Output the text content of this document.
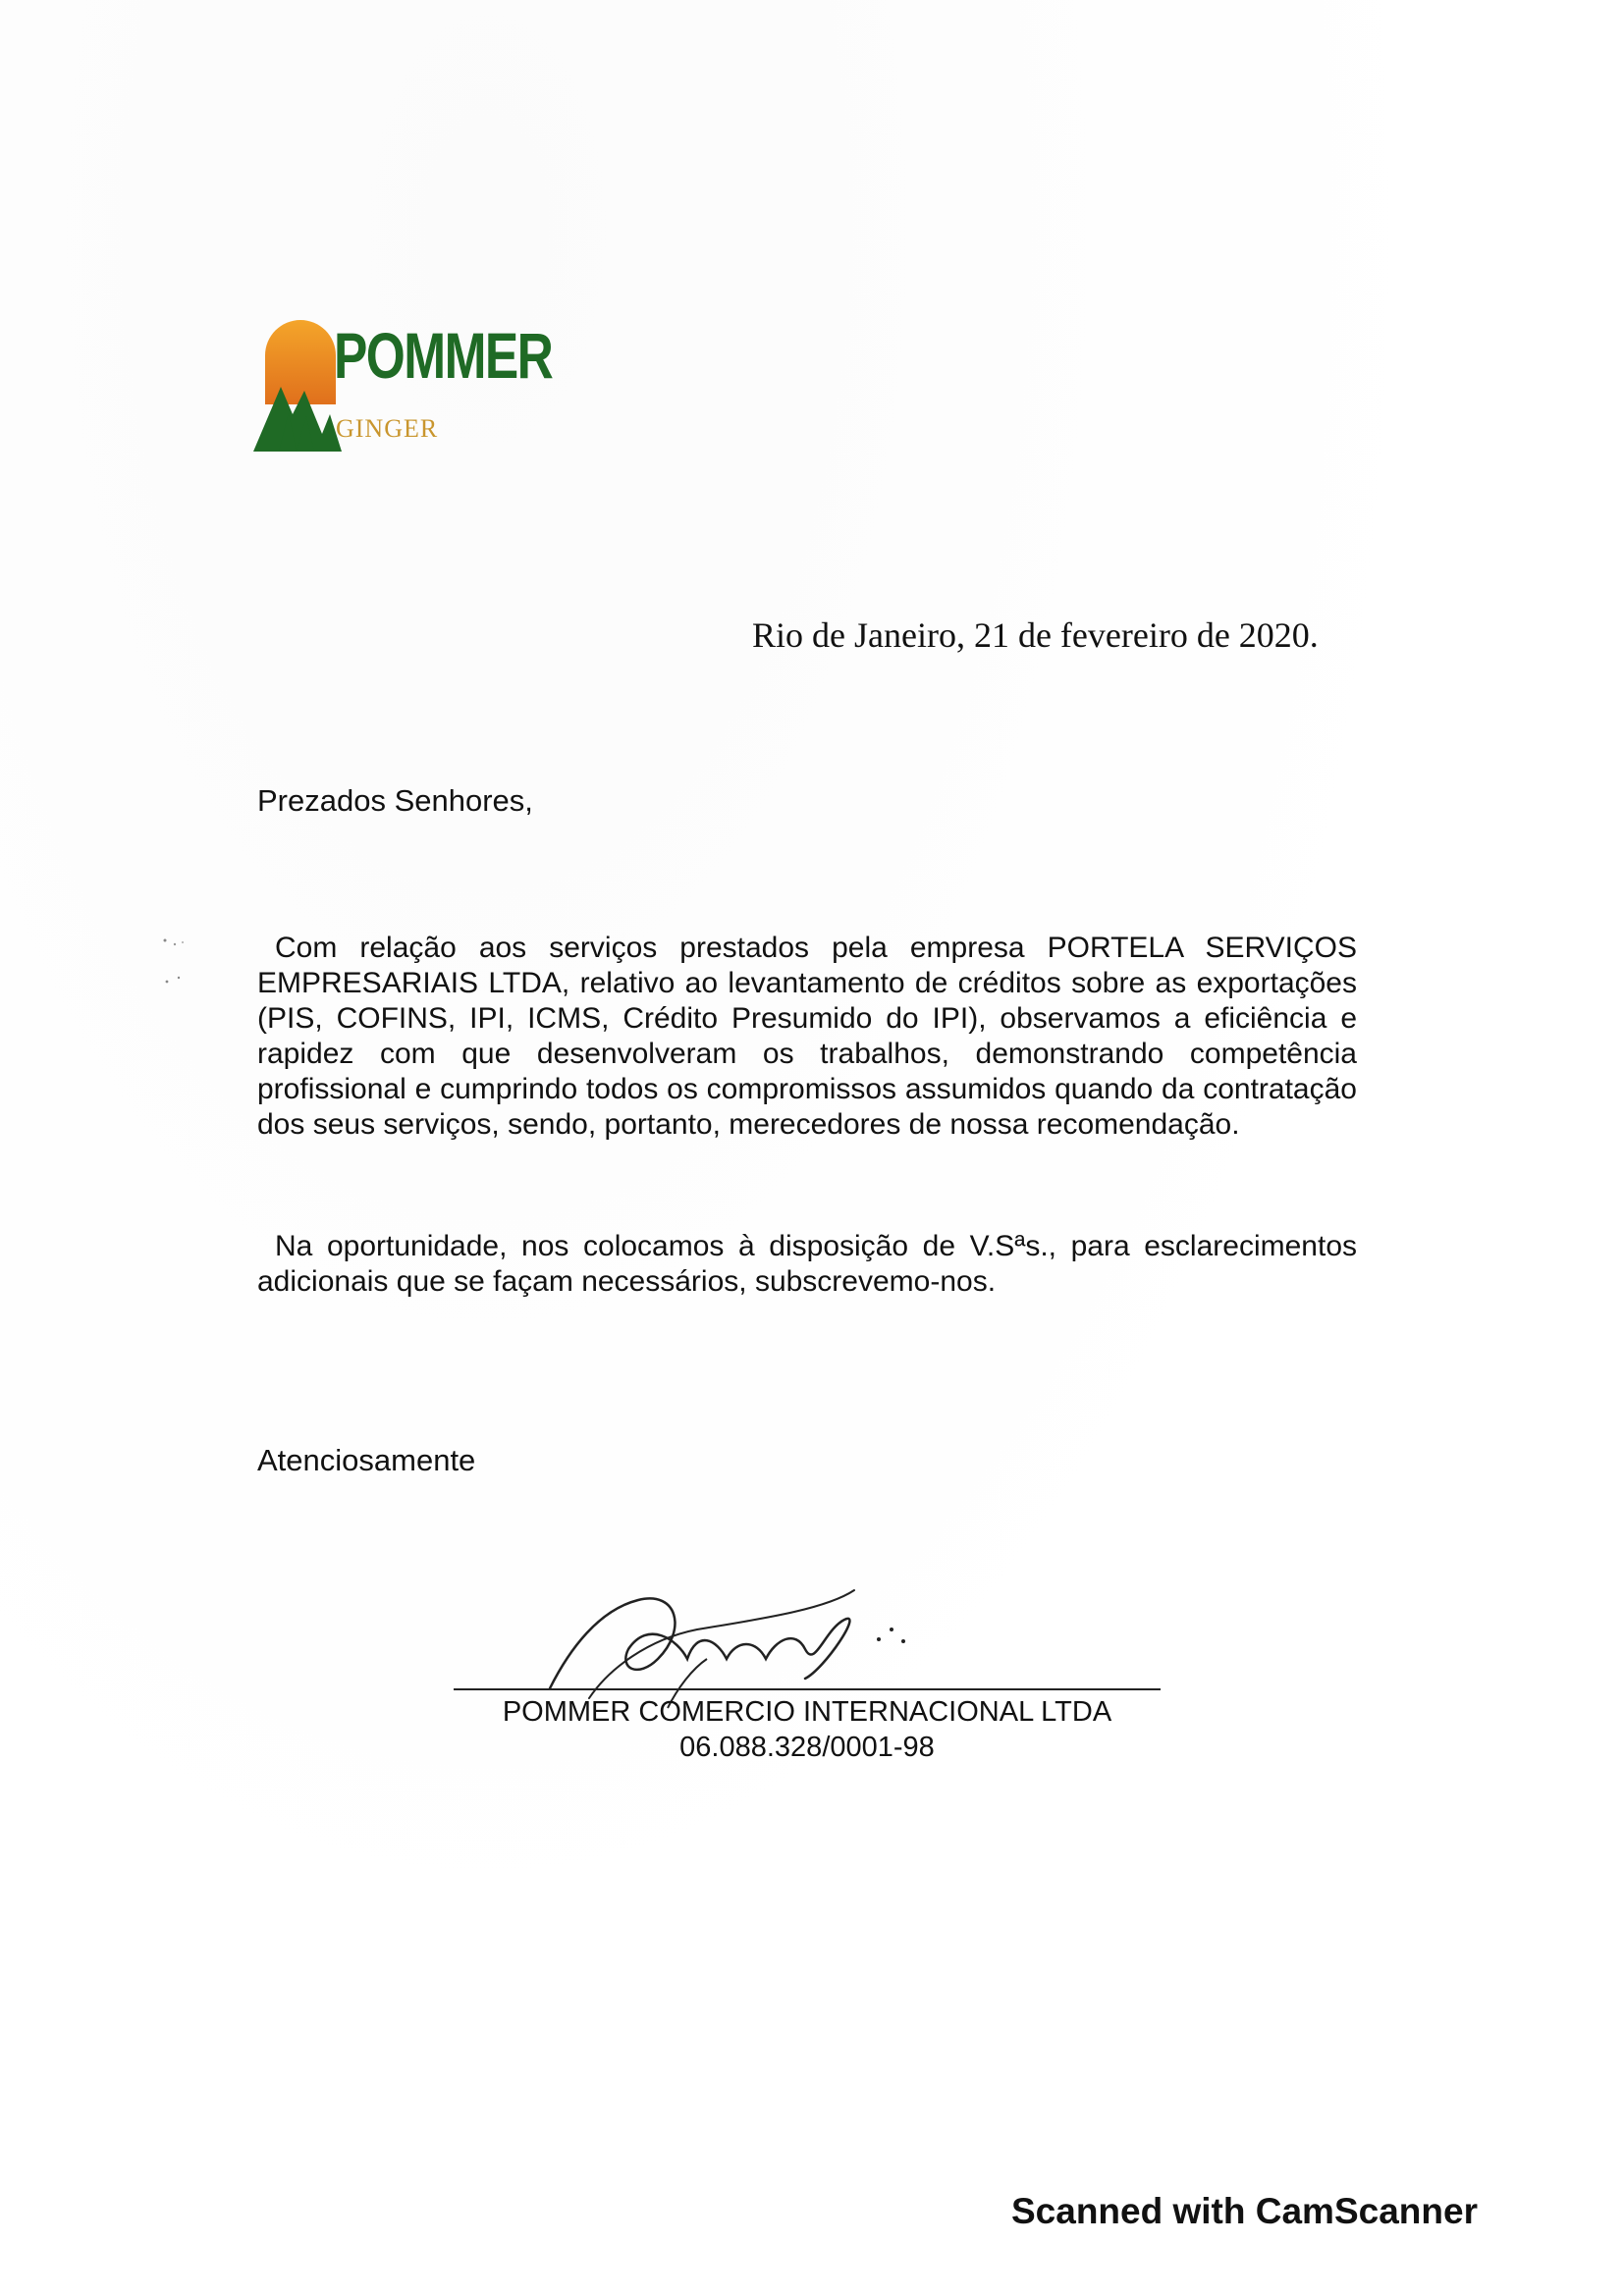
POMMER
GINGER
Rio de Janeiro, 21 de fevereiro de 2020.
Prezados Senhores,
Com relação aos serviços prestados pela empresa PORTELA SERVIÇOS EMPRESARIAIS LTDA, relativo ao levantamento de créditos sobre as exportações (PIS, COFINS, IPI, ICMS, Crédito Presumido do IPI), observamos a eficiência e rapidez com que desenvolveram os trabalhos, demonstrando competência profissional e cumprindo todos os compromissos assumidos quando da contratação dos seus serviços, sendo, portanto, merecedores de nossa recomendação.
Na oportunidade, nos colocamos à disposição de V.Sªs., para esclarecimentos adicionais que se façam necessários, subscrevemo-nos.
Atenciosamente
POMMER COMERCIO INTERNACIONAL LTDA
06.088.328/0001-98
Scanned with CamScanner
